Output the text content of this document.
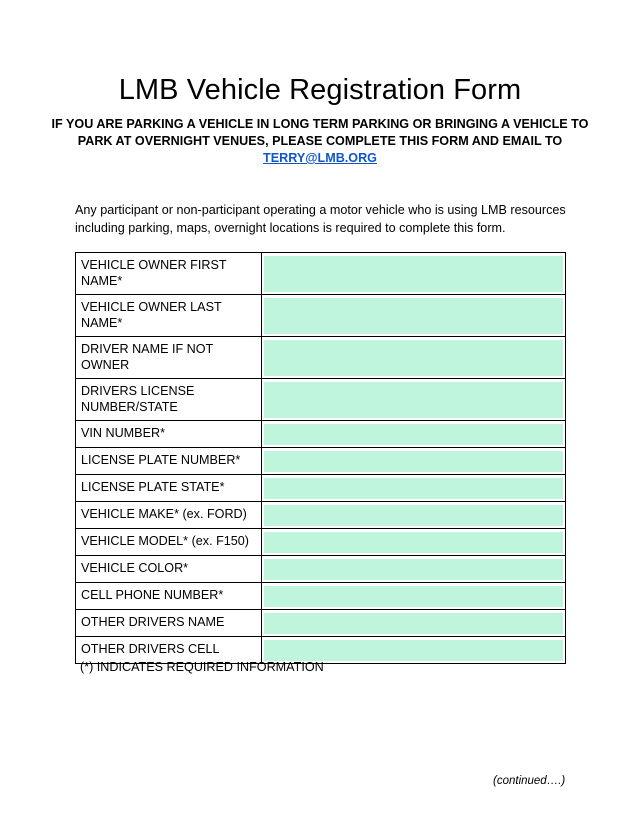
LMB Vehicle Registration Form
IF YOU ARE PARKING A VEHICLE IN LONG TERM PARKING OR BRINGING A VEHICLE TO PARK AT OVERNIGHT VENUES, PLEASE COMPLETE THIS FORM AND EMAIL TO
TERRY@LMB.ORG
Any participant or non-participant operating a motor vehicle who is using LMB resources including parking, maps, overnight locations is required to complete this form.
VEHICLE OWNER FIRST NAME*	

VEHICLE OWNER LAST NAME*	

DRIVER NAME IF NOT OWNER	

DRIVERS LICENSE NUMBER/STATE	

VIN NUMBER*	

LICENSE PLATE NUMBER*	

LICENSE PLATE STATE*	

VEHICLE MAKE* (ex. FORD)	

VEHICLE MODEL* (ex. F150)	

VEHICLE COLOR*	

CELL PHONE NUMBER*	

OTHER DRIVERS NAME	

OTHER DRIVERS CELL	
(*) INDICATES REQUIRED INFORMATION
(continued….)
